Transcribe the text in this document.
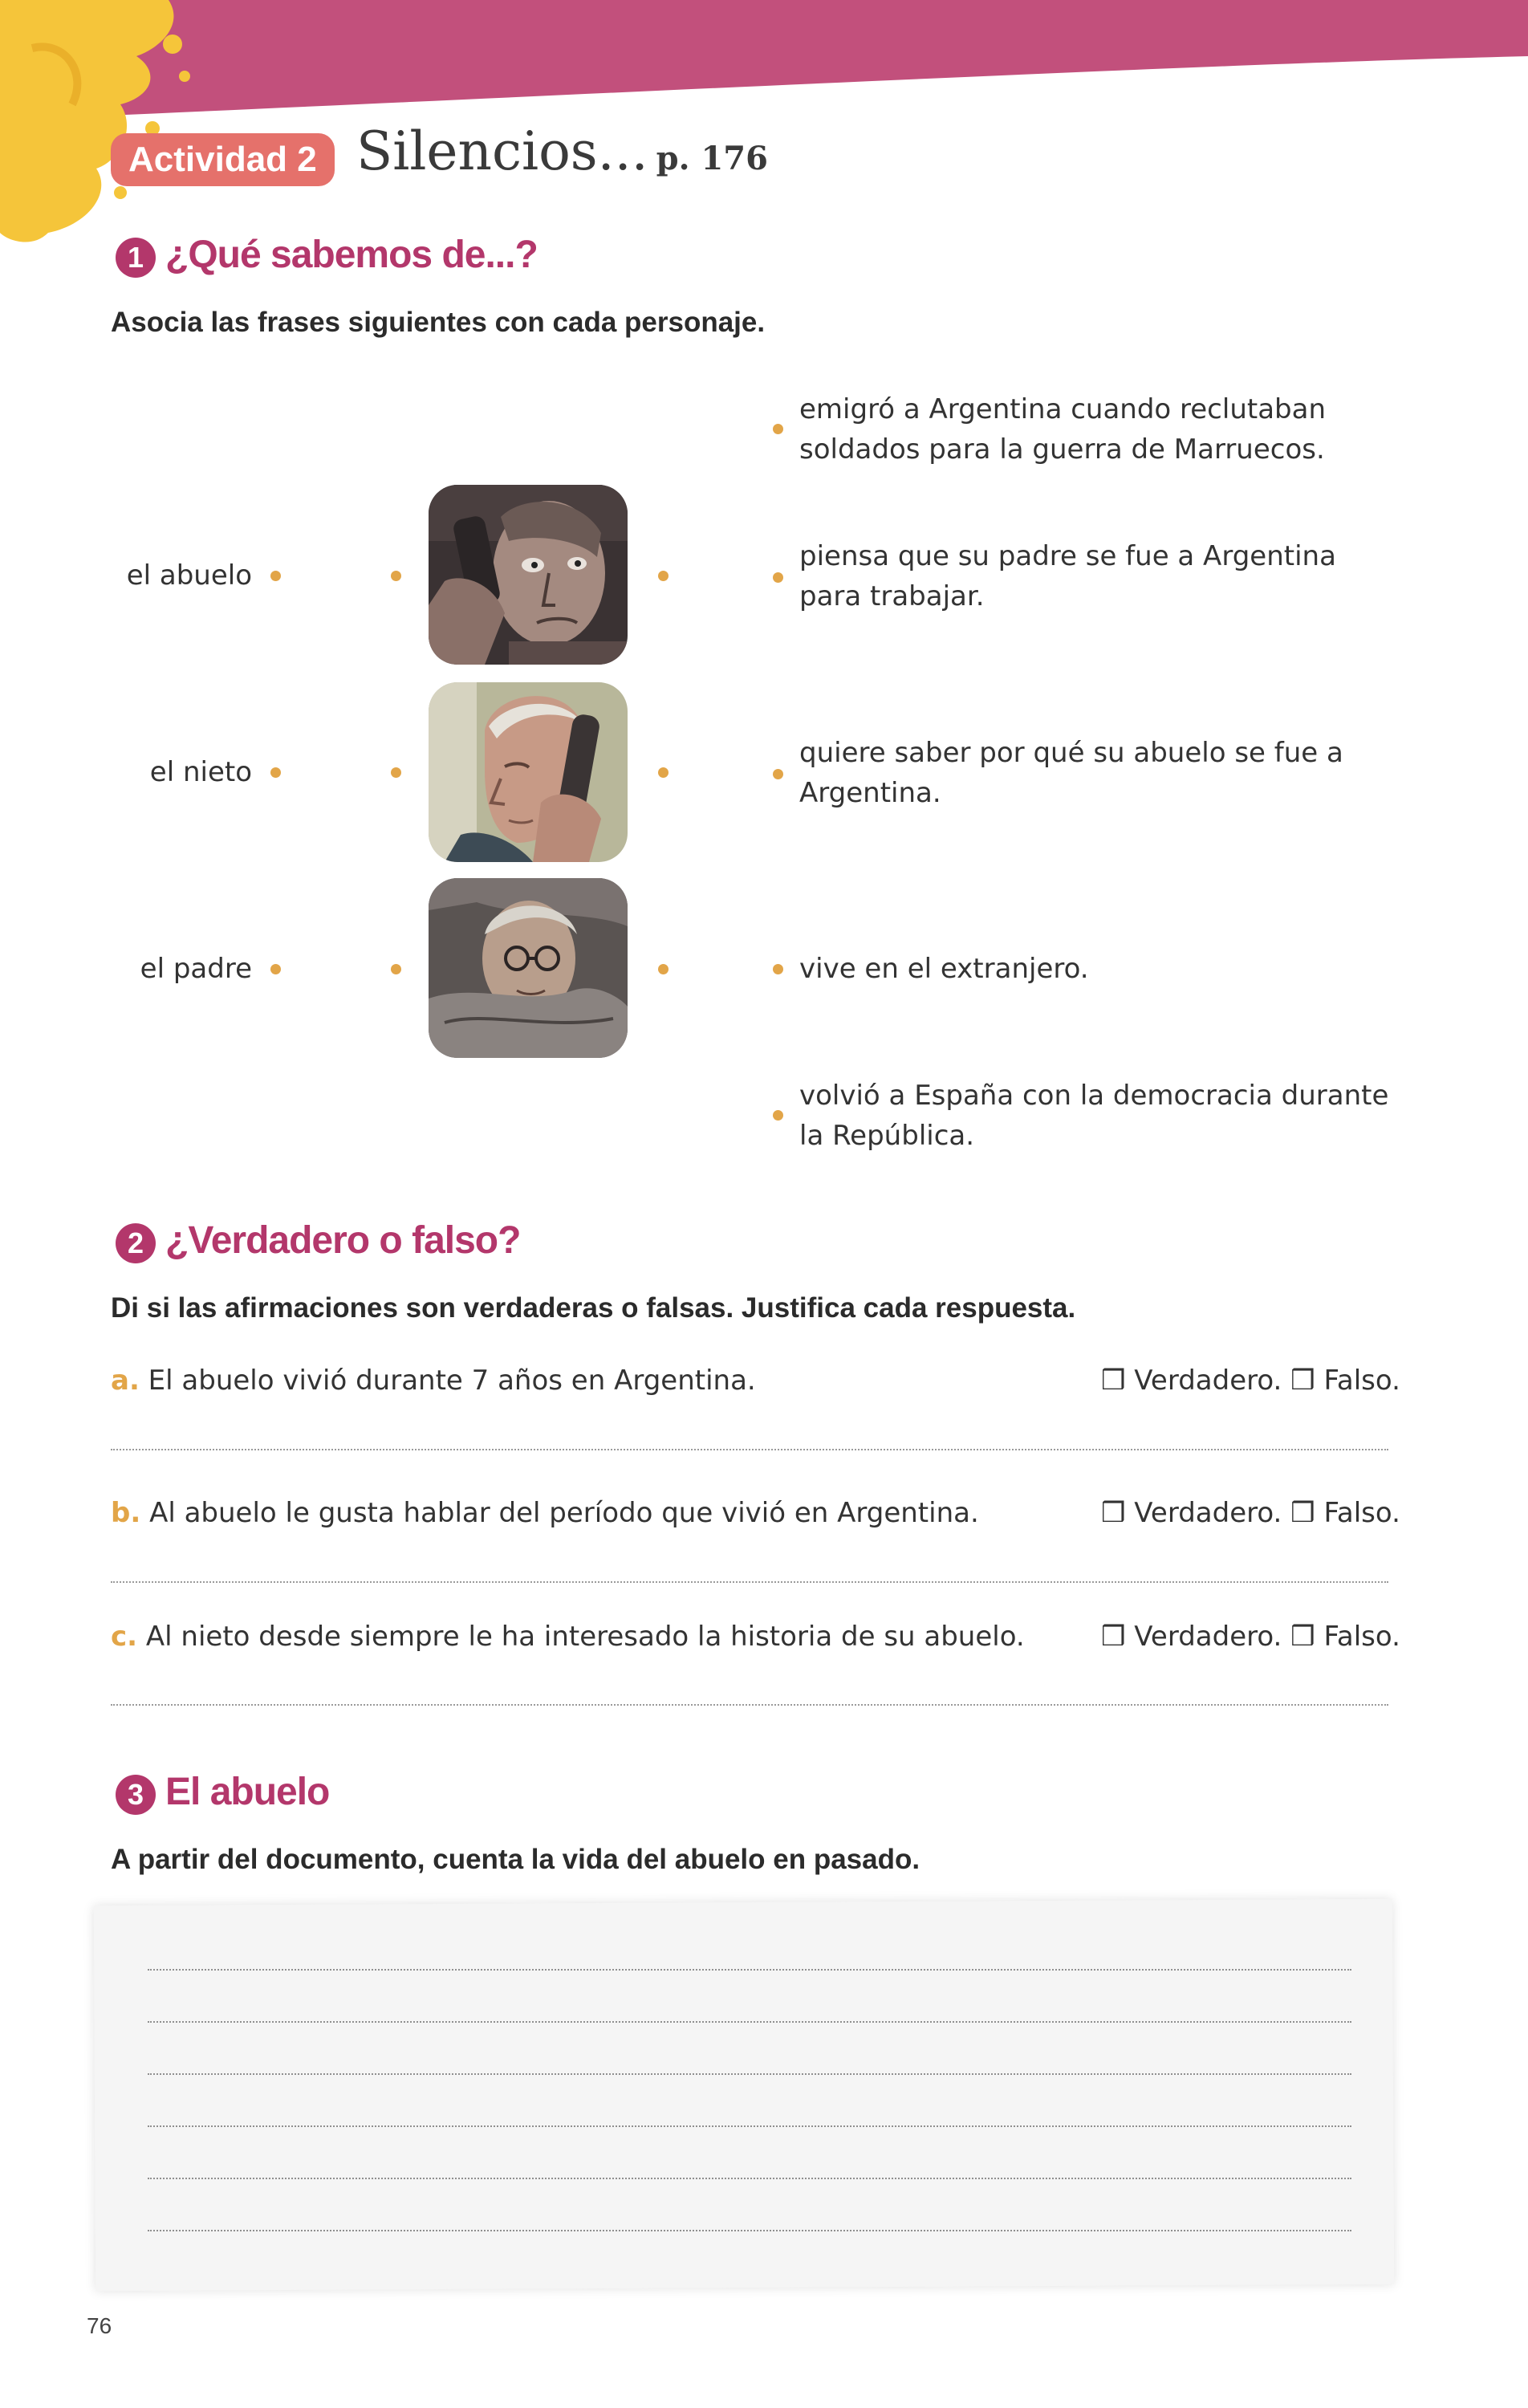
Actividad 2 Silencios... p. 176
1 ¿Qué sabemos de...?
Asocia las frases siguientes con cada personaje.
emigró a Argentina cuando reclutaban
soldados para la guerra de Marruecos.
el abuelo
piensa que su padre se fue a Argentina
para trabajar.
el nieto
quiere saber por qué su abuelo se fue a
Argentina.
el padre	vive en el extranjero.
volvió a España con la democracia durante
la República.
2 ¿Verdadero o falso?
Di si las afirmaciones son verdaderas o falsas. Justifica cada respuesta.
a. El abuelo vivió durante 7 años en Argentina.	❒ Verdadero. ❒ Falso.
b. Al abuelo le gusta hablar del período que vivió en Argentina.	❒ Verdadero. ❒ Falso.
c. Al nieto desde siempre le ha interesado la historia de su abuelo.	❒ Verdadero. ❒ Falso.
3 El abuelo
A partir del documento, cuenta la vida del abuelo en pasado.
76
